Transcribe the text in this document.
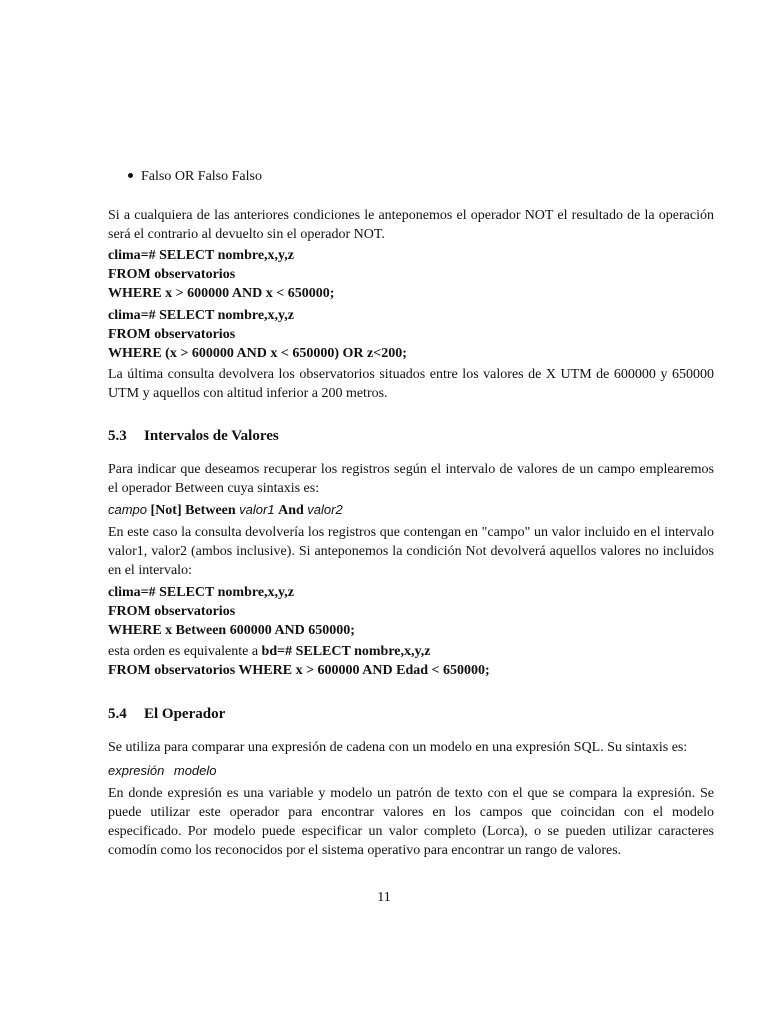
Falso OR Falso Falso

Si a cualquiera de las anteriores condiciones le anteponemos el operador NOT el resultado de la operación será el contrario al devuelto sin el operador NOT.

clima=# SELECT nombre,x,y,z

FROM observatorios

WHERE x > 600000 AND x < 650000;

clima=# SELECT nombre,x,y,z

FROM observatorios

WHERE (x > 600000 AND x < 650000) OR z<200;

La última consulta devolvera los observatorios situados entre los valores de X UTM de 600000 y 650000 UTM y aquellos con altitud inferior a 200 metros.

5.3 Intervalos de Valores

Para indicar que deseamos recuperar los registros según el intervalo de valores de un campo emplearemos el operador Between cuya sintaxis es:

campo [Not] Between valor1 And valor2

En este caso la consulta devolvería los registros que contengan en "campo" un valor incluido en el intervalo valor1, valor2 (ambos inclusive). Si anteponemos la condición Not devolverá aquellos valores no incluidos en el intervalo:

clima=# SELECT nombre,x,y,z

FROM observatorios

WHERE x Between 600000 AND 650000;

esta orden es equivalente a bd=# SELECT nombre,x,y,z

FROM observatorios WHERE x > 600000 AND Edad < 650000;

5.4 El Operador

Se utiliza para comparar una expresión de cadena con un modelo en una expresión SQL. Su sintaxis es:

expresión modelo

En donde expresión es una variable y modelo un patrón de texto con el que se compara la expresión. Se puede utilizar este operador para encontrar valores en los campos que coincidan con el modelo especificado. Por modelo puede especificar un valor completo (Lorca), o se pueden utilizar caracteres comodín como los reconocidos por el sistema operativo para encontrar un rango de valores.

11
